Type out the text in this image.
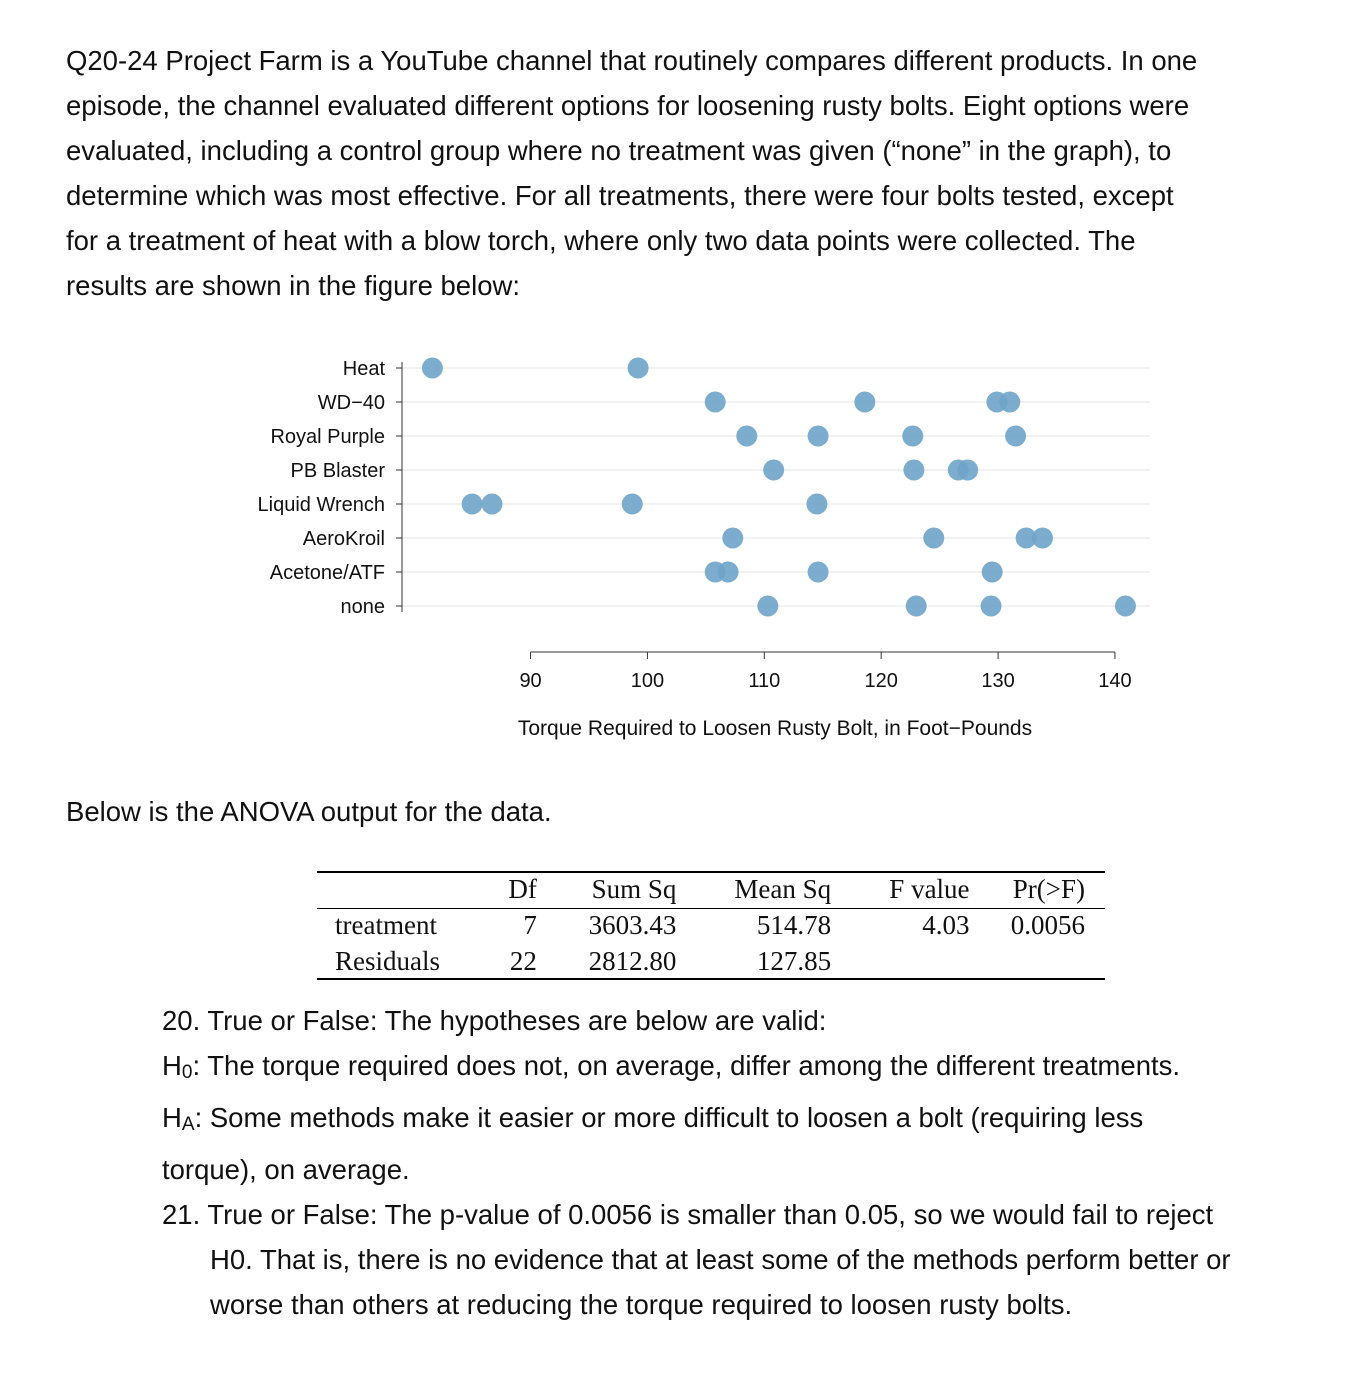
Q20-24 Project Farm is a YouTube channel that routinely compares different products. In one
episode, the channel evaluated different options for loosening rusty bolts. Eight options were
evaluated, including a control group where no treatment was given (“none” in the graph), to
determine which was most effective. For all treatments, there were four bolts tested, except
for a treatment of heat with a blow torch, where only two data points were collected. The
results are shown in the figure below:
Heat
WD−40
Royal Purple
PB Blaster
Liquid Wrench
AeroKroil
Acetone/ATF
none
90	100	110	120	130	140
Torque Required to Loosen Rusty Bolt, in Foot−Pounds

Below is the ANOVA output for the data.

	Df	Sum Sq	Mean Sq	F value	Pr(>F)
treatment	7	3603.43	514.78	4.03	0.0056
Residuals	22	2812.80	127.85		
20. True or False: The hypotheses are below are valid:
$H_0$: The torque required does not, on average, differ among the different treatments.
$H_A$: Some methods make it easier or more difficult to loosen a bolt (requiring less
torque), on average.
21. True or False: The p-value of 0.0056 is smaller than 0.05, so we would fail to reject
H0. That is, there is no evidence that at least some of the methods perform better or
worse than others at reducing the torque required to loosen rusty bolts.
